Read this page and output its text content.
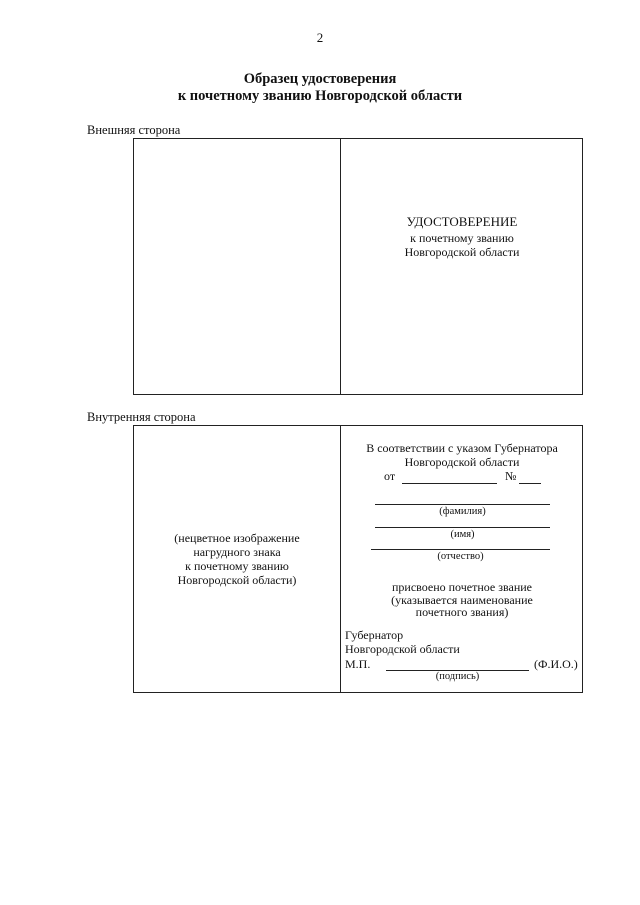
2
Образец удостоверения
к почетному званию Новгородской области
Внешняя сторона
УДОСТОВЕРЕНИЕ
к почетному званию
Новгородской области
Внутренняя сторона
(нецветное изображение
нагрудного знака
к почетному званию
Новгородской области)
В соответствии с указом Губернатора
Новгородской области
от	№
(фамилия)
(имя)
(отчество)
присвоено почетное звание
(указывается наименование
почетного звания)
Губернатор
Новгородской области
М.П.	(Ф.И.О.)
(подпись)
